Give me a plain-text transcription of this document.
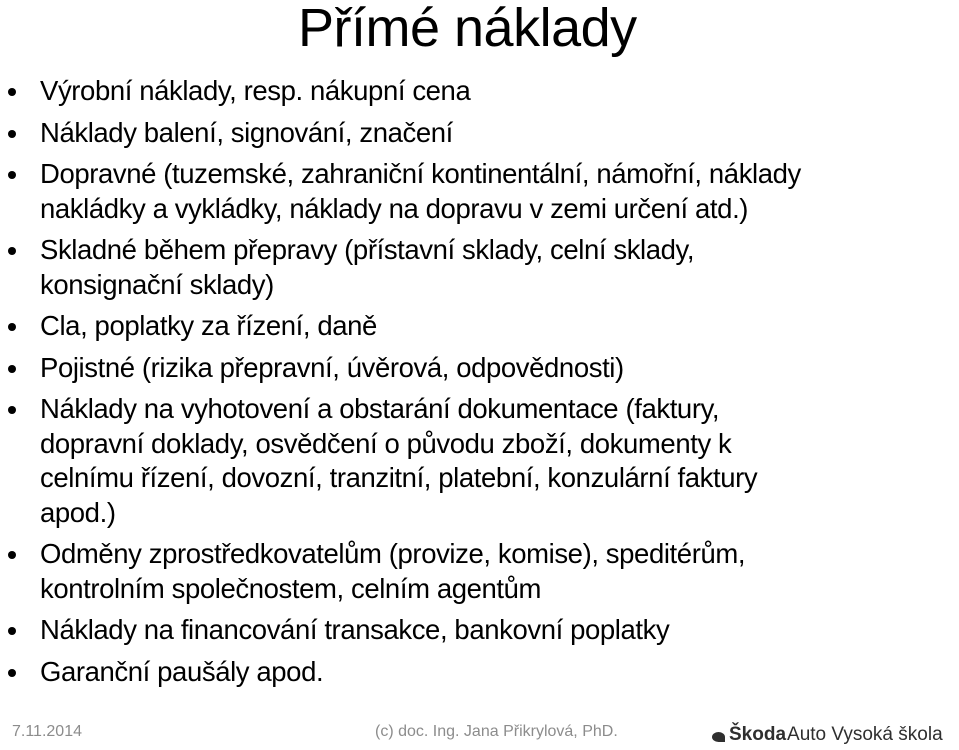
Přímé náklady
Výrobní náklady, resp. nákupní cena
Náklady balení, signování, značení
Dopravné (tuzemské, zahraniční kontinentální, námořní, náklady
nakládky a vykládky, náklady na dopravu v zemi určení atd.)
Skladné během přepravy (přístavní sklady, celní sklady,
konsignační sklady)
Cla, poplatky za řízení, daně
Pojistné (rizika přepravní, úvěrová, odpovědnosti)
Náklady na vyhotovení a obstarání dokumentace (faktury,
dopravní doklady, osvědčení o původu zboží, dokumenty k
celnímu řízení, dovozní, tranzitní, platební, konzulární faktury
apod.)
Odměny zprostředkovatelům (provize, komise), speditérům,
kontrolním společnostem, celním agentům
Náklady na financování transakce, bankovní poplatky
Garanční paušály apod.
7.11.2014	(c) doc. Ing. Jana Přikrylová, PhD.	Škoda Auto Vysoká škola
